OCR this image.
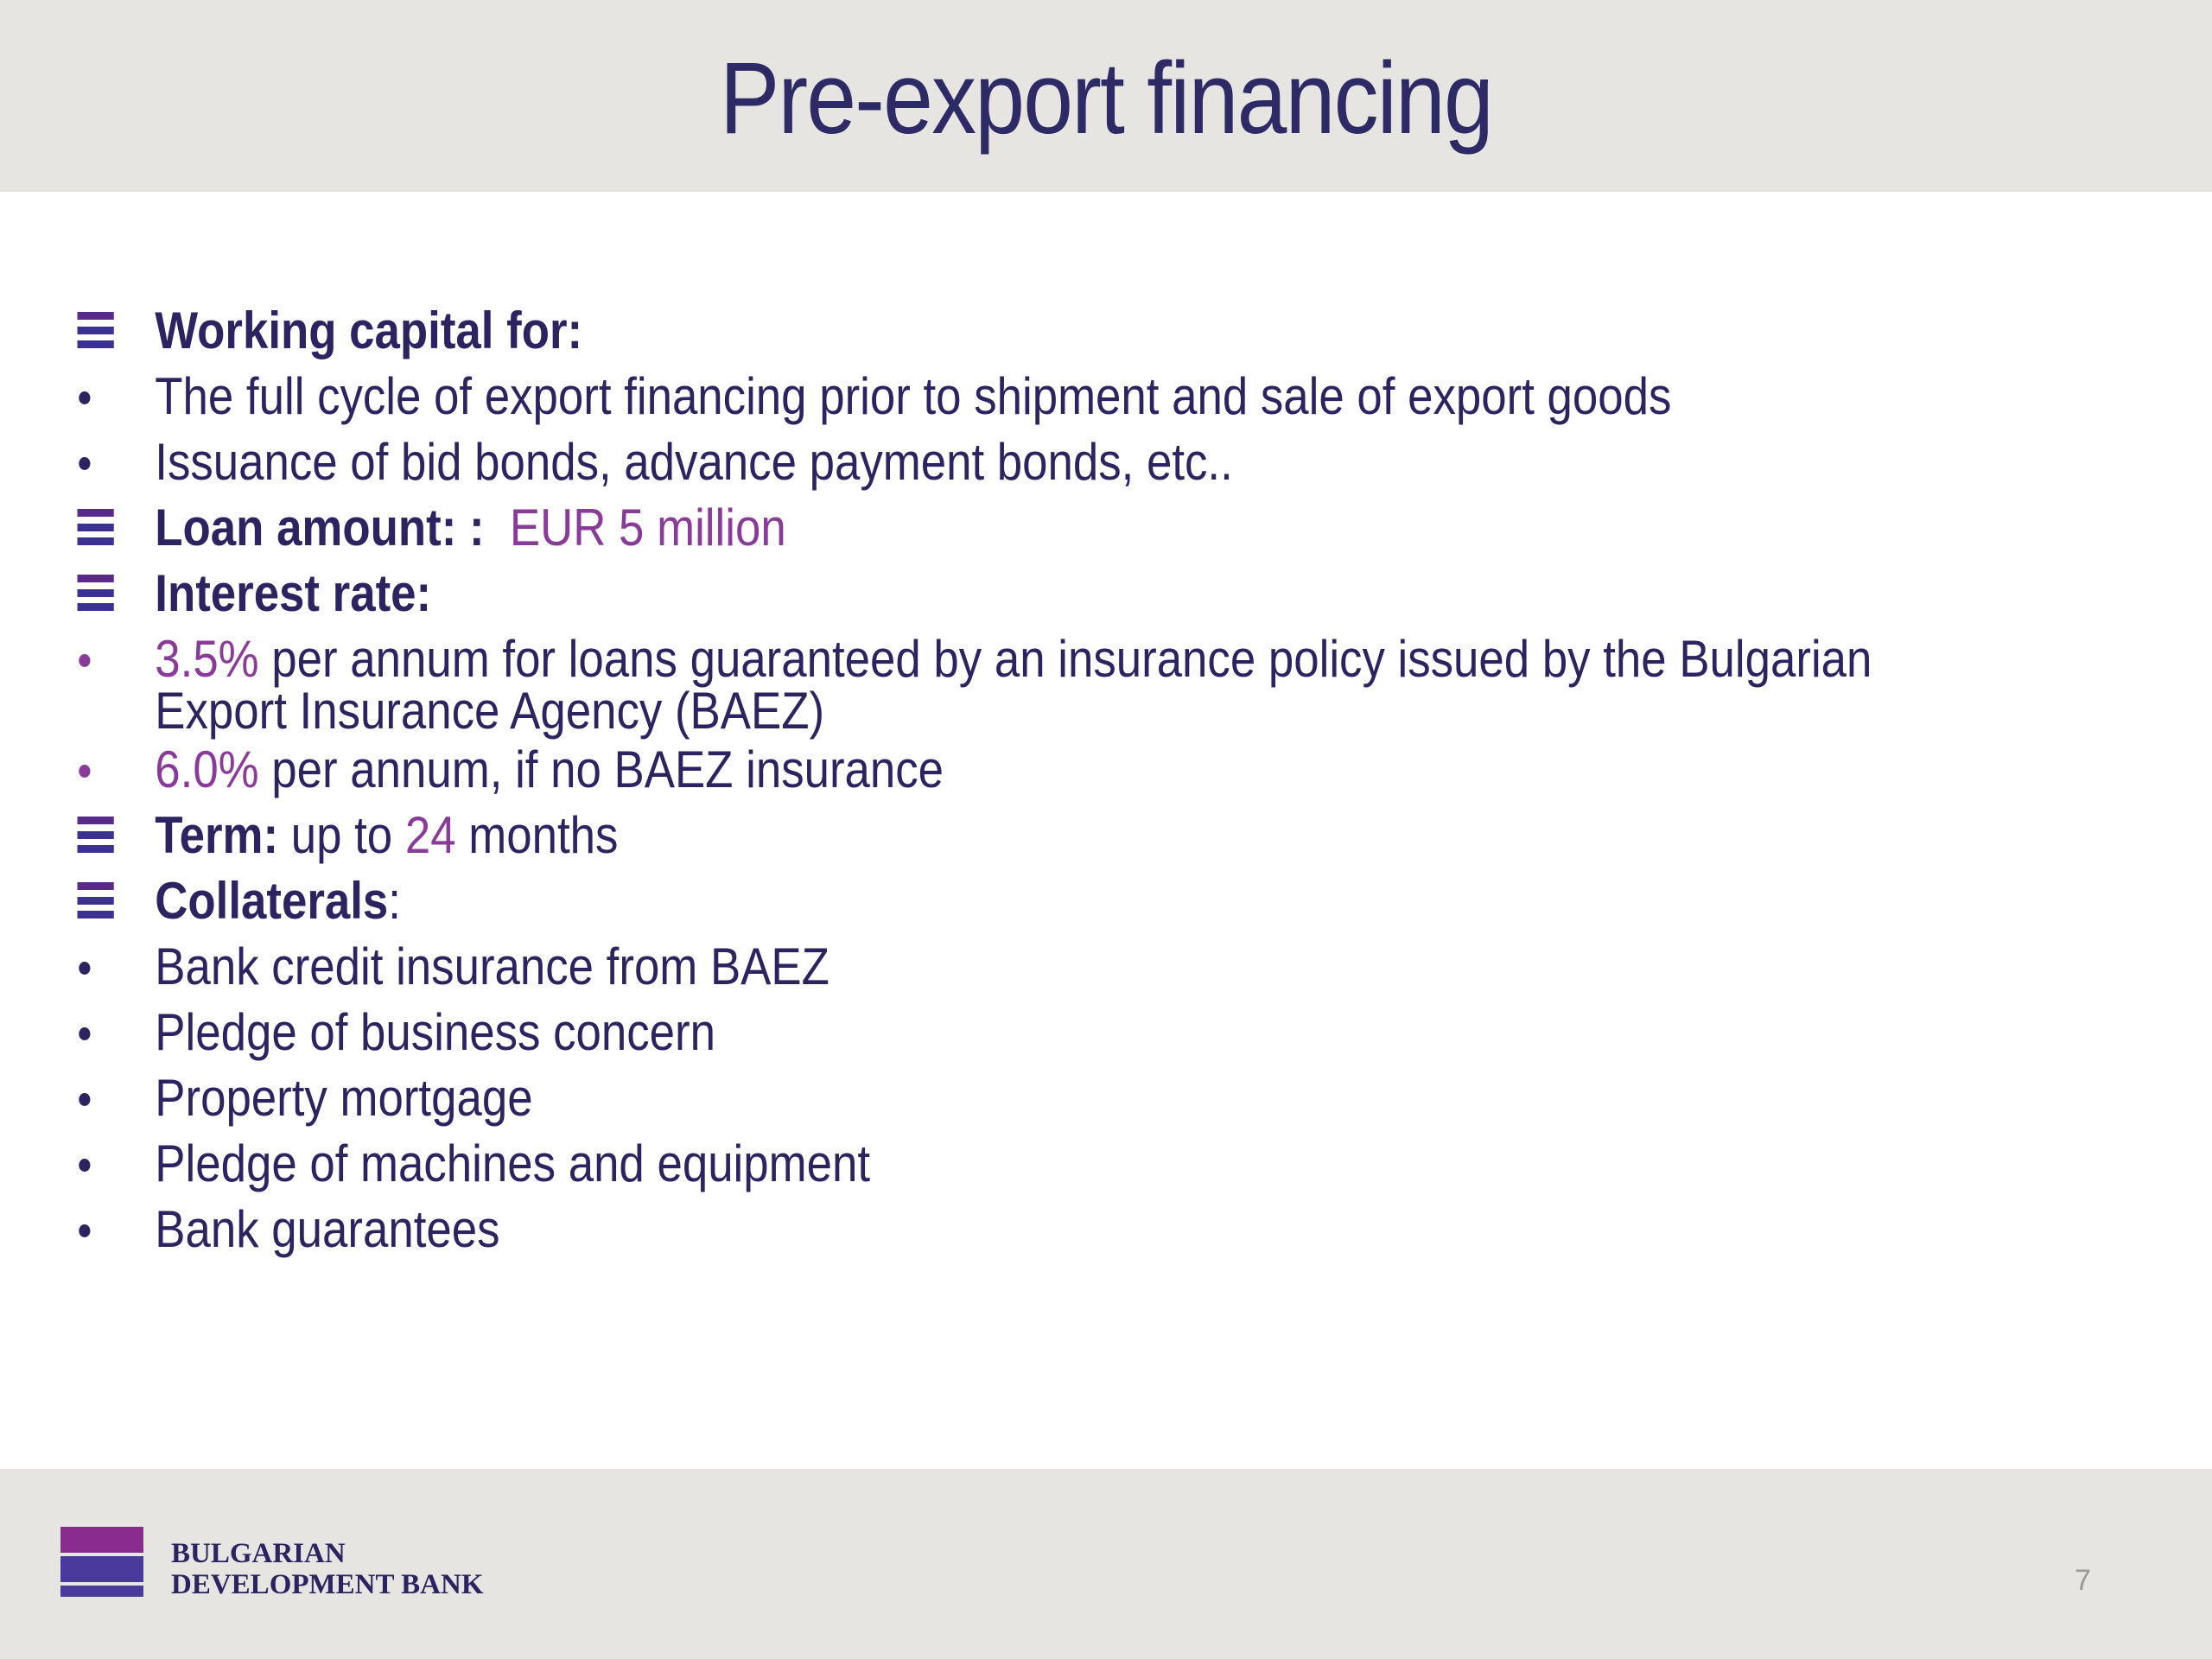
Pre-export financing
Working capital for:
The full cycle of export financing prior to shipment and sale of export goods
Issuance of bid bonds, advance payment bonds, etc..
Loan amount: : EUR 5 million
Interest rate:
3.5% per annum for loans guaranteed by an insurance policy issued by the Bulgarian Export Insurance Agency (BAEZ)
6.0% per annum, if no BAEZ insurance
Term: up to 24 months
Collaterals:
Bank credit insurance from BAEZ
Pledge of business concern
Property mortgage
Pledge of machines and equipment
Bank guarantees
BULGARIAN
DEVELOPMENT BANK	7
